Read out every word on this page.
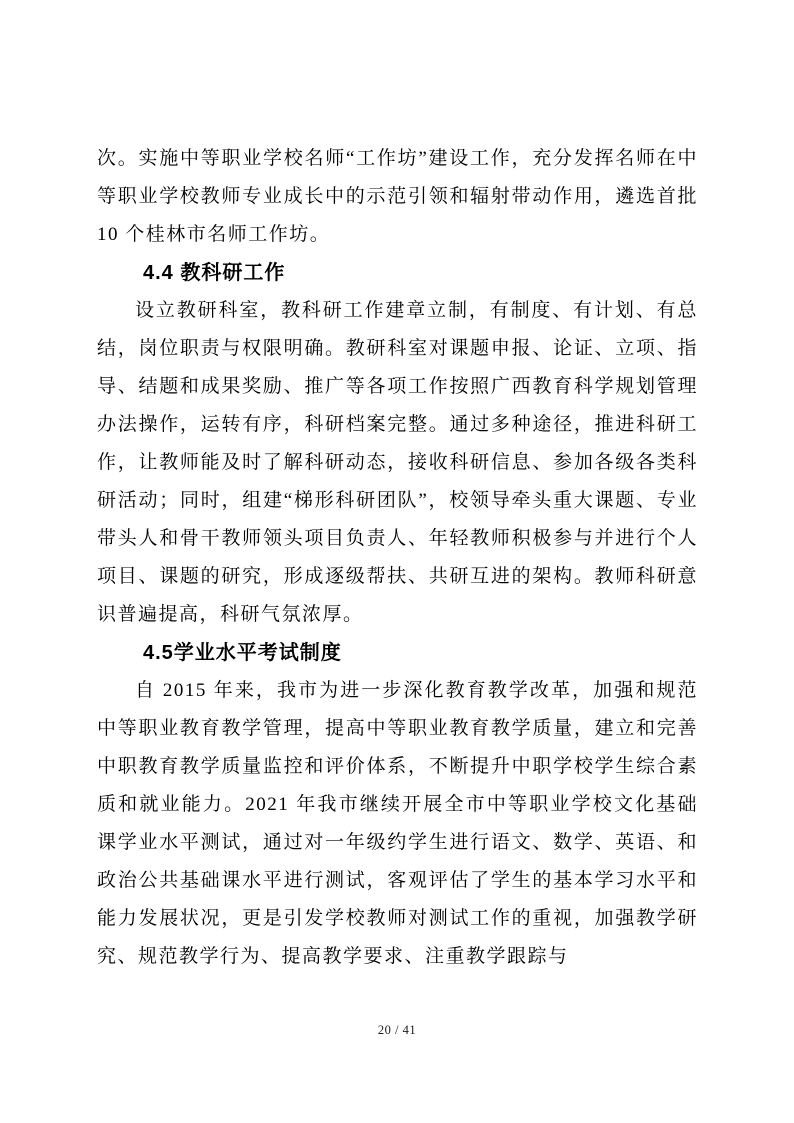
次。实施中等职业学校名师“工作坊”建设工作，充分发挥名师在中等职业学校教师专业成长中的示范引领和辐射带动作用，遴选首批 10 个桂林市名师工作坊。

4.4 教科研工作

设立教研科室，教科研工作建章立制，有制度、有计划、有总结，岗位职责与权限明确。教研科室对课题申报、论证、立项、指导、结题和成果奖励、推广等各项工作按照广西教育科学规划管理办法操作，运转有序，科研档案完整。通过多种途径，推进科研工作，让教师能及时了解科研动态，接收科研信息、参加各级各类科研活动；同时，组建“梯形科研团队”，校领导牵头重大课题、专业带头人和骨干教师领头项目负责人、年轻教师积极参与并进行个人项目、课题的研究，形成逐级帮扶、共研互进的架构。教师科研意识普遍提高，科研气氛浓厚。

4.5学业水平考试制度

自 2015 年来，我市为进一步深化教育教学改革，加强和规范中等职业教育教学管理，提高中等职业教育教学质量，建立和完善中职教育教学质量监控和评价体系，不断提升中职学校学生综合素质和就业能力。2021 年我市继续开展全市中等职业学校文化基础课学业水平测试，通过对一年级约学生进行语文、数学、英语、和政治公共基础课水平进行测试，客观评估了学生的基本学习水平和能力发展状况，更是引发学校教师对测试工作的重视，加强教学研究、规范教学行为、提高教学要求、注重教学跟踪与

20 / 41
